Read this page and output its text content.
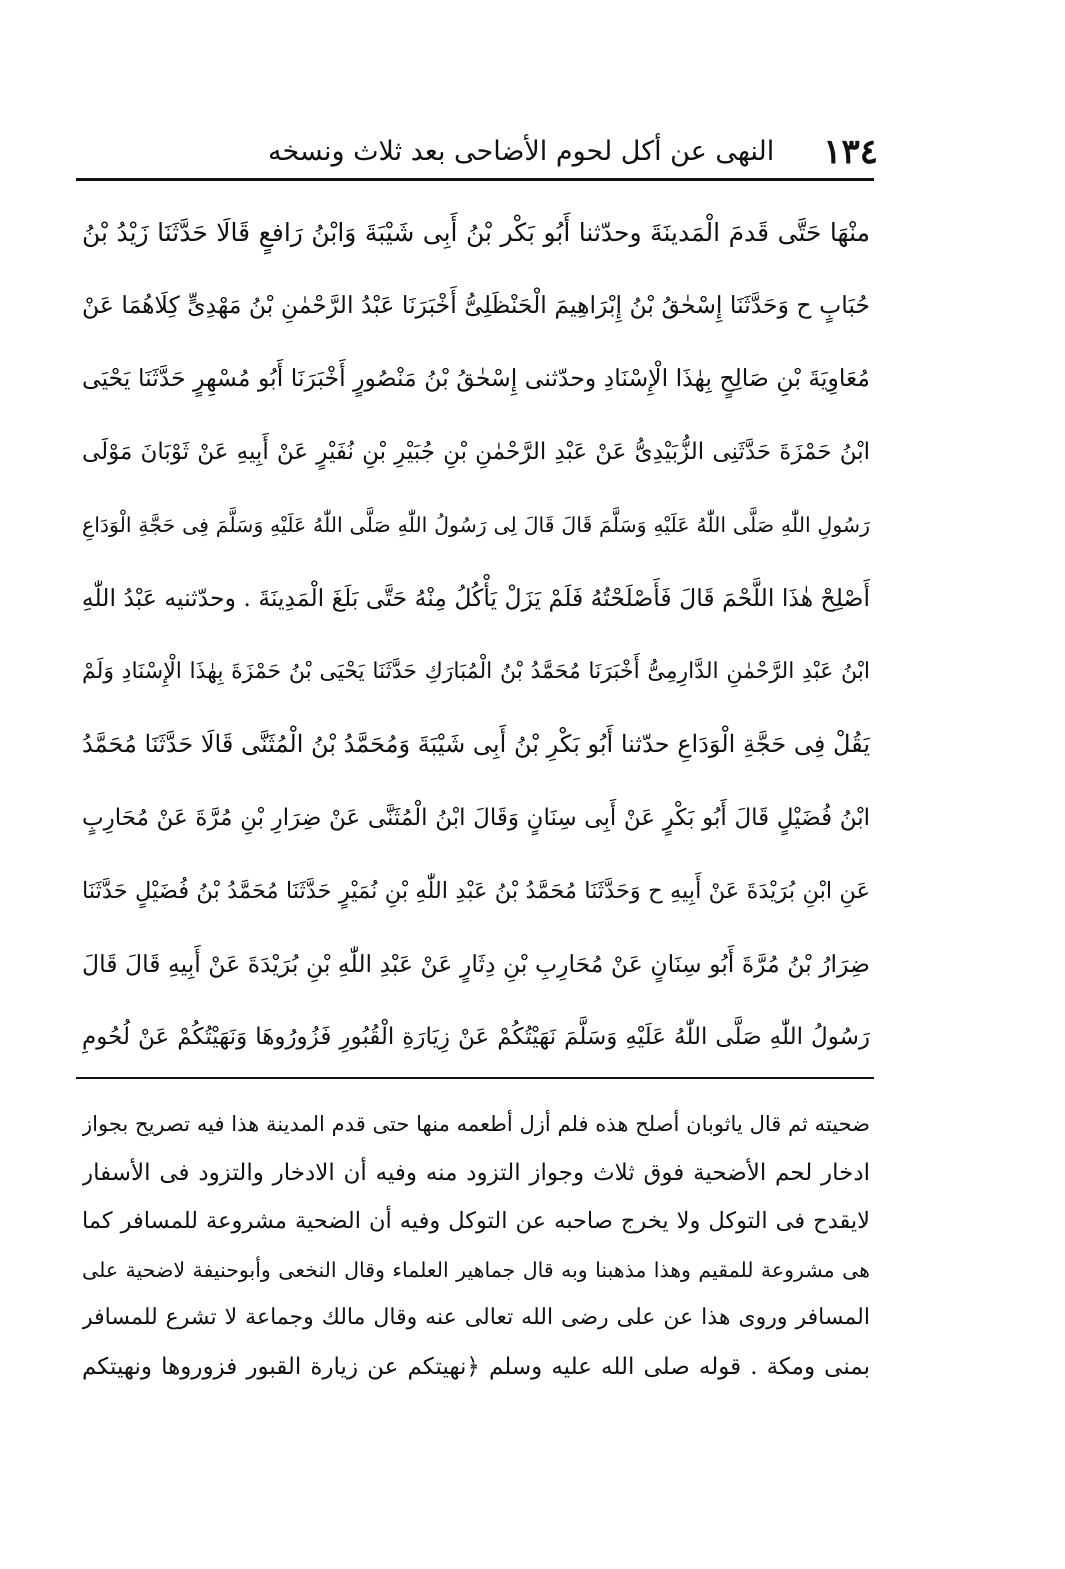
١٣٤
النهى عن أكل لحوم الأضاحى بعد ثلاث ونسخه
منْهَا حَتَّى قَدمَ الْمَدينَةَ وحدّثنا أَبُو بَكْر بْنُ أَبِى شَيْبَةَ وَابْنُ رَافعٍ قَالَا حَدَّثَنَا زَيْدُ بْنُ
حُبَابٍ ح وَحَدَّثَنَا إِسْحٰقُ بْنُ إِبْرَاهِيمَ الْحَنْظَلِىُّ أَخْبَرَنَا عَبْدُ الرَّحْمٰنِ بْنُ مَهْدِىٍّ كِلَاهُمَا عَنْ
مُعَاوِيَةَ بْنِ صَالِحٍ بِهٰذَا الْإِسْنَادِ وحدّثنى إِسْحٰقُ بْنُ مَنْصُورٍ أَخْبَرَنَا أَبُو مُسْهِرٍ حَدَّثَنَا يَحْيَى
ابْنُ حَمْزَةَ حَدَّثَنِى الزُّبَيْدِىُّ عَنْ عَبْدِ الرَّحْمٰنِ بْنِ جُبَيْرِ بْنِ نُفَيْرٍ عَنْ أَبِيهِ عَنْ ثَوْبَانَ مَوْلَى
رَسُولِ اللّٰهِ صَلَّى اللّٰهُ عَلَيْهِ وَسَلَّمَ قَالَ قَالَ لِى رَسُولُ اللّٰهِ صَلَّى اللّٰهُ عَلَيْهِ وَسَلَّمَ فِى حَجَّةِ الْوَدَاعِ
أَصْلِحْ هٰذَا اللَّحْمَ قَالَ فَأَصْلَحْتُهُ فَلَمْ يَزَلْ يَأْكُلُ مِنْهُ حَتَّى بَلَغَ الْمَدِينَةَ . وحدّثنيه عَبْدُ اللّٰهِ
ابْنُ عَبْدِ الرَّحْمٰنِ الدَّارِمِىُّ أَخْبَرَنَا مُحَمَّدُ بْنُ الْمُبَارَكِ حَدَّثَنَا يَحْيَى بْنُ حَمْزَةَ بِهٰذَا الْإِسْنَادِ وَلَمْ
يَقُلْ فِى حَجَّةِ الْوَدَاعِ حدّثنا أَبُو بَكْرِ بْنُ أَبِى شَيْبَةَ وَمُحَمَّدُ بْنُ الْمُثَنَّى قَالَا حَدَّثَنَا مُحَمَّدُ
ابْنُ فُضَيْلٍ قَالَ أَبُو بَكْرٍ عَنْ أَبِى سِنَانٍ وَقَالَ ابْنُ الْمُثَنَّى عَنْ ضِرَارِ بْنِ مُرَّةَ عَنْ مُحَارِبٍ
عَنِ ابْنِ بُرَيْدَةَ عَنْ أَبِيهِ ح وَحَدَّثَنَا مُحَمَّدُ بْنُ عَبْدِ اللّٰهِ بْنِ نُمَيْرٍ حَدَّثَنَا مُحَمَّدُ بْنُ فُضَيْلٍ حَدَّثَنَا
ضِرَارُ بْنُ مُرَّةَ أَبُو سِنَانٍ عَنْ مُحَارِبِ بْنِ دِثَارٍ عَنْ عَبْدِ اللّٰهِ بْنِ بُرَيْدَةَ عَنْ أَبِيهِ قَالَ قَالَ
رَسُولُ اللّٰهِ صَلَّى اللّٰهُ عَلَيْهِ وَسَلَّمَ نَهَيْتُكُمْ عَنْ زِيَارَةِ الْقُبُورِ فَزُورُوهَا وَنَهَيْتُكُمْ عَنْ لُحُومِ
ضحيته ثم قال ياثوبان أصلح هذه فلم أزل أطعمه منها حتى قدم المدينة هذا فيه تصريح بجواز
ادخار لحم الأضحية فوق ثلاث وجواز التزود منه وفيه أن الادخار والتزود فى الأسفار
لايقدح فى التوكل ولا يخرج صاحبه عن التوكل وفيه أن الضحية مشروعة للمسافر كما
هى مشروعة للمقيم وهذا مذهبنا وبه قال جماهير العلماء وقال النخعى وأبوحنيفة لاضحية على
المسافر وروى هذا عن على رضى الله تعالى عنه وقال مالك وجماعة لا تشرع للمسافر
بمنى ومكة . قوله صلى الله عليه وسلم ﴿نهيتكم عن زيارة القبور فزوروها ونهيتكم
